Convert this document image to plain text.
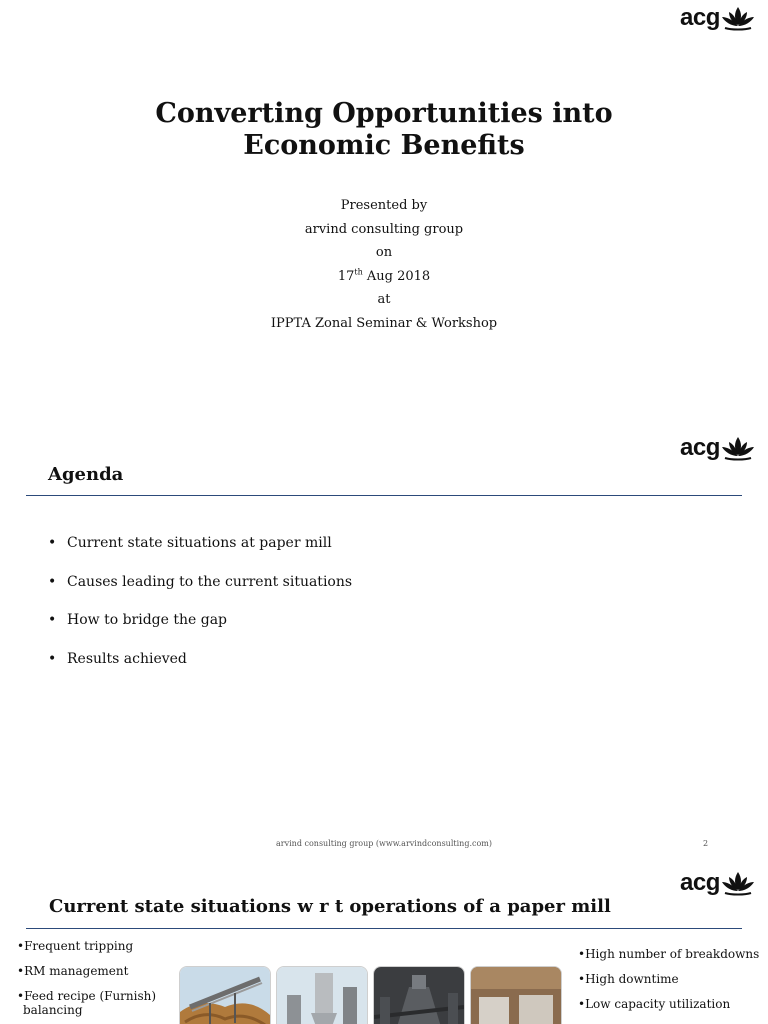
acg
Converting Opportunities into
Economic Benefits
Presented by
arvind consulting group
on
17th Aug 2018
at
IPPTA Zonal Seminar & Workshop
acg
Agenda
• Current state situations at paper mill
• Causes leading to the current situations
• How to bridge the gap
• Results achieved
arvind consulting group (www.arvindconsulting.com)	2
acg
Current state situations w r t operations of a paper mill
•Frequent tripping
•RM management
•Feed recipe (Furnish)
balancing
•High number of breakdowns
•High downtime
•Low capacity utilization
